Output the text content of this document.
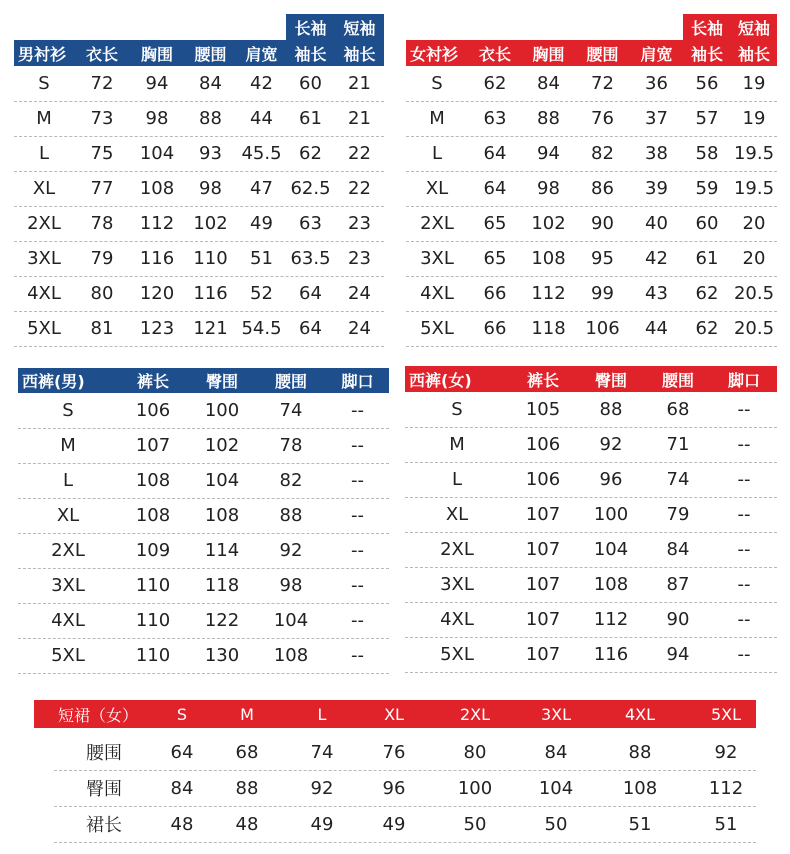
长袖	短袖
男衬衫	衣长	胸围	腰围	肩宽	袖长	袖长
S	72	94	84	42	60	21
M	73	98	88	44	61	21
L	75	104	93	45.5 62	22
XL	77	108	98	47 62.5 22
2XL	78	112	102	49	63	23
3XL	79	116	110	51 63.5 23
4XL	80	120	116	52	64	24
5XL	81	123	121 54.5 64	24
长袖 短袖
女衬衫	衣长	胸围	腰围	肩宽	袖长 袖长
S	62	84	72	36	56	19
M	63	88	76	37	57	19
L	64	94	82	38	58 19.5
XL	64	98	86	39	59 19.5
2XL	65	102	90	40	60	20
3XL	65	108	95	42	61	20
4XL	66	112	99	43	62 20.5
5XL	66	118	106	44	62 20.5
西裤(男)	裤长	臀围	腰围	脚口
S	106	100	74	--
M	107	102	78	--
L	108	104	82	--
XL	108	108	88	--
2XL	109	114	92	--
3XL	110	118	98	--
4XL	110	122	104	--
5XL	110	130	108	--
西裤(女)	裤长	臀围	腰围	脚口
S	105	88	68	--
M	106	92	71	--
L	106	96	74	--
XL	107	100	79	--
2XL	107	104	84	--
3XL	107	108	87	--
4XL	107	112	90	--
5XL	107	116	94	--
短裙（女）	S	M	L	XL	2XL	3XL	4XL	5XL
腰围	64	68	74	76	80	84	88	92
臀围	84	88	92	96	100	104	108	112
裙长	48	48	49	49	50	50	51	51
